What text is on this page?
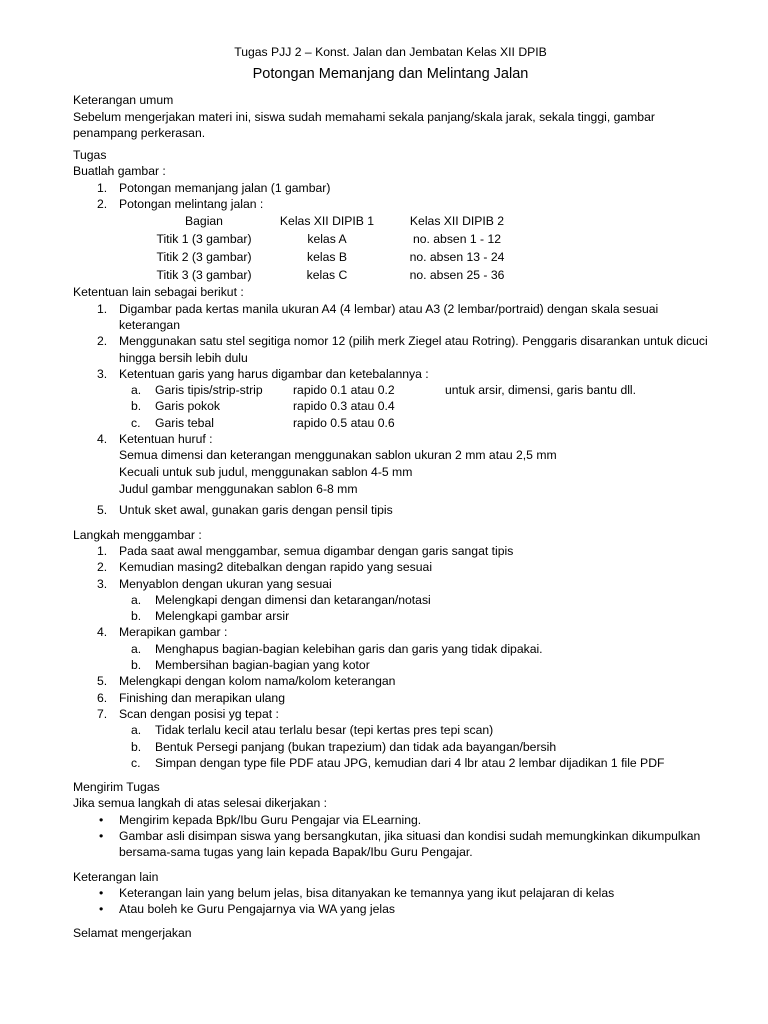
Tugas PJJ 2 – Konst. Jalan dan Jembatan Kelas XII DPIB

Potongan Memanjang dan Melintang Jalan

Keterangan umum

Sebelum mengerjakan materi ini, siswa sudah memahami sekala panjang/skala jarak, sekala tinggi, gambar penampang perkerasan.

Tugas

Buatlah gambar :

1. Potongan memanjang jalan (1 gambar)
2. Potongan melintang jalan :
Bagian	Kelas XII DIPIB 1	Kelas XII DIPIB 2
Titik 1 (3 gambar)	kelas A	no. absen 1 - 12
Titik 2 (3 gambar)	kelas B	no. absen 13 - 24
Titik 3 (3 gambar)	kelas C	no. absen 25 - 36

Ketentuan lain sebagai berikut :

1. Digambar pada kertas manila ukuran A4 (4 lembar) atau A3 (2 lembar/portraid) dengan skala sesuai keterangan
2. Menggunakan satu stel segitiga nomor 12 (pilih merk Ziegel atau Rotring). Penggaris disarankan untuk dicuci hingga bersih lebih dulu
3. Ketentuan garis yang harus digambar dan ketebalannya :
a. Garis tipis/strip-strip rapido 0.1 atau 0.2	untuk arsir, dimensi, garis bantu dll.
b. Garis pokok	rapido 0.3 atau 0.4
c. Garis tebal	rapido 0.5 atau 0.6
4. Ketentuan huruf :
Semua dimensi dan keterangan menggunakan sablon ukuran 2 mm atau 2,5 mm
Kecuali untuk sub judul, menggunakan sablon 4-5 mm
Judul gambar menggunakan sablon 6-8 mm
5. Untuk sket awal, gunakan garis dengan pensil tipis

Langkah menggambar :

1. Pada saat awal menggambar, semua digambar dengan garis sangat tipis
2. Kemudian masing2 ditebalkan dengan rapido yang sesuai
3. Menyablon dengan ukuran yang sesuai
a. Melengkapi dengan dimensi dan ketarangan/notasi
b. Melengkapi gambar arsir
4. Merapikan gambar :
a. Menghapus bagian-bagian kelebihan garis dan garis yang tidak dipakai.
b. Membersihan bagian-bagian yang kotor
5. Melengkapi dengan kolom nama/kolom keterangan
6. Finishing dan merapikan ulang
7. Scan dengan posisi yg tepat :
a. Tidak terlalu kecil atau terlalu besar (tepi kertas pres tepi scan)
b. Bentuk Persegi panjang (bukan trapezium) dan tidak ada bayangan/bersih
c. Simpan dengan type file PDF atau JPG, kemudian dari 4 lbr atau 2 lembar dijadikan 1 file PDF

Mengirim Tugas

Jika semua langkah di atas selesai dikerjakan :

• Mengirim kepada Bpk/Ibu Guru Pengajar via ELearning.
• Gambar asli disimpan siswa yang bersangkutan, jika situasi dan kondisi sudah memungkinkan dikumpulkan bersama-sama tugas yang lain kepada Bapak/Ibu Guru Pengajar.

Keterangan lain

• Keterangan lain yang belum jelas, bisa ditanyakan ke temannya yang ikut pelajaran di kelas
• Atau boleh ke Guru Pengajarnya via WA yang jelas

Selamat mengerjakan
